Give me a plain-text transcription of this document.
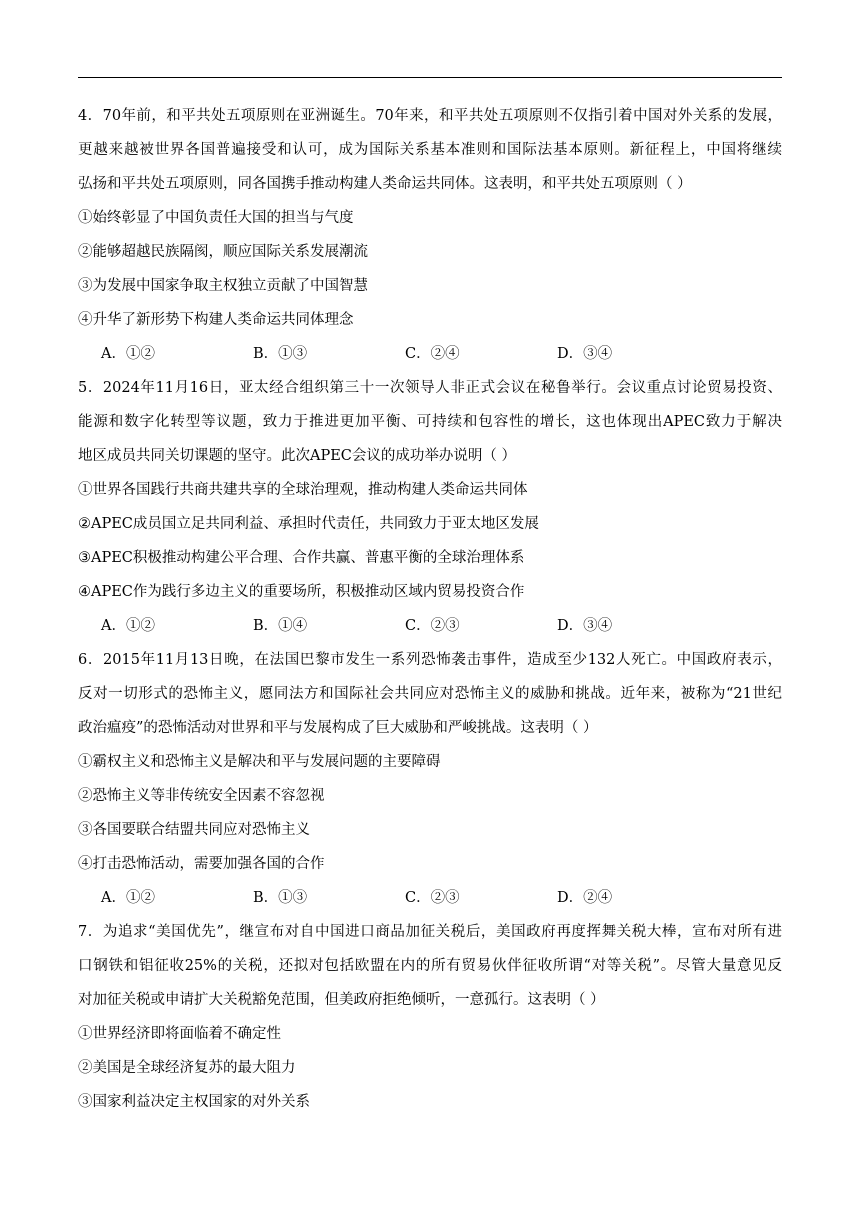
4．70年前，和平共处五项原则在亚洲诞生。70年来，和平共处五项原则不仅指引着中国对外关系的发展，
更越来越被世界各国普遍接受和认可，成为国际关系基本准则和国际法基本原则。新征程上，中国将继续
弘扬和平共处五项原则，同各国携手推动构建人类命运共同体。这表明，和平共处五项原则（ ）
①始终彰显了中国负责任大国的担当与气度
②能够超越民族隔阂，顺应国际关系发展潮流
③为发展中国家争取主权独立贡献了中国智慧
④升华了新形势下构建人类命运共同体理念
A．①②	B．①③	C．②④	D．③④
5．2024年11月16日，亚太经合组织第三十一次领导人非正式会议在秘鲁举行。会议重点讨论贸易投资、
能源和数字化转型等议题，致力于推进更加平衡、可持续和包容性的增长，这也体现出APEC致力于解决
地区成员共同关切课题的坚守。此次APEC会议的成功举办说明（ ）
①世界各国践行共商共建共享的全球治理观，推动构建人类命运共同体
②APEC成员国立足共同利益、承担时代责任，共同致力于亚太地区发展
③APEC积极推动构建公平合理、合作共赢、普惠平衡的全球治理体系
④APEC作为践行多边主义的重要场所，积极推动区域内贸易投资合作
A．①②	B．①④	C．②③	D．③④
6．2015年11月13日晚，在法国巴黎市发生一系列恐怖袭击事件，造成至少132人死亡。中国政府表示，
反对一切形式的恐怖主义，愿同法方和国际社会共同应对恐怖主义的威胁和挑战。近年来，被称为“21世纪
政治瘟疫”的恐怖活动对世界和平与发展构成了巨大威胁和严峻挑战。这表明（ ）
①霸权主义和恐怖主义是解决和平与发展问题的主要障碍
②恐怖主义等非传统安全因素不容忽视
③各国要联合结盟共同应对恐怖主义
④打击恐怖活动，需要加强各国的合作
A．①②	B．①③	C．②③	D．②④
7．为追求“美国优先”，继宣布对自中国进口商品加征关税后，美国政府再度挥舞关税大棒，宣布对所有进
口钢铁和铝征收25%的关税，还拟对包括欧盟在内的所有贸易伙伴征收所谓“对等关税”。尽管大量意见反
对加征关税或申请扩大关税豁免范围，但美政府拒绝倾听，一意孤行。这表明（ ）
①世界经济即将面临着不确定性
②美国是全球经济复苏的最大阻力
③国家利益决定主权国家的对外关系
